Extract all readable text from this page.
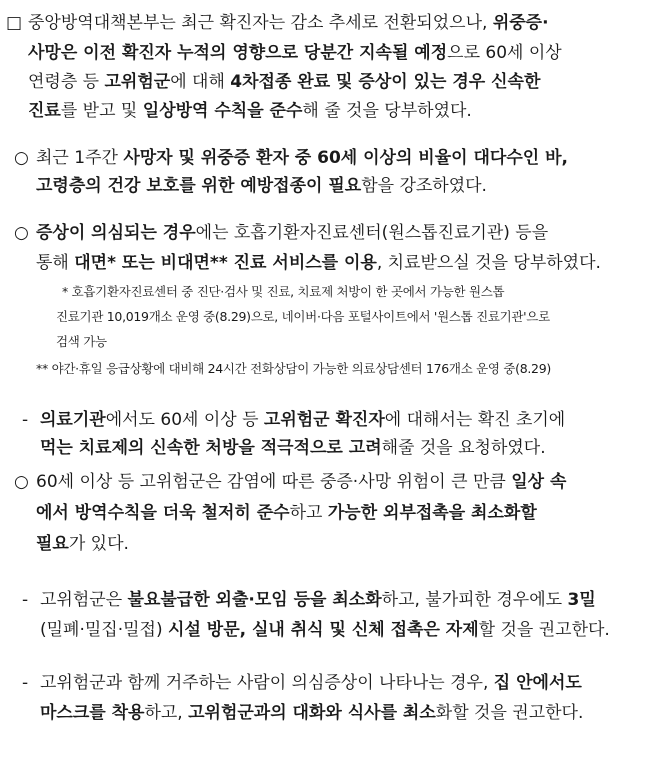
□ 중앙방역대책본부는 최근 확진자는 감소 추세로 전환되었으나, 위중증·
사망은 이전 확진자 누적의 영향으로 당분간 지속될 예정으로 60세 이상
연령층 등 고위험군에 대해 4차접종 완료 및 증상이 있는 경우 신속한
진료를 받고 및 일상방역 수칙을 준수해 줄 것을 당부하였다.
○ 최근 1주간 사망자 및 위중증 환자 중 60세 이상의 비율이 대다수인 바,
고령층의 건강 보호를 위한 예방접종이 필요함을 강조하였다.
○ 증상이 의심되는 경우에는 호흡기환자진료센터(원스톱진료기관) 등을
통해 대면* 또는 비대면** 진료 서비스를 이용, 치료받으실 것을 당부하였다.
* 호흡기환자진료센터 중 진단·검사 및 진료, 치료제 처방이 한 곳에서 가능한 원스톱
진료기관 10,019개소 운영 중(8.29)으로, 네이버·다음 포털사이트에서 '원스톱 진료기관'으로
검색 가능
** 야간·휴일 응급상황에 대비해 24시간 전화상담이 가능한 의료상담센터 176개소 운영 중(8.29)
- 의료기관에서도 60세 이상 등 고위험군 확진자에 대해서는 확진 초기에
먹는 치료제의 신속한 처방을 적극적으로 고려해줄 것을 요청하였다.
○ 60세 이상 등 고위험군은 감염에 따른 중증·사망 위험이 큰 만큼 일상 속
에서 방역수칙을 더욱 철저히 준수하고 가능한 외부접촉을 최소화할
필요가 있다.
- 고위험군은 불요불급한 외출·모임 등을 최소화하고, 불가피한 경우에도 3밀
(밀폐·밀집·밀접) 시설 방문, 실내 취식 및 신체 접촉은 자제할 것을 권고한다.
- 고위험군과 함께 거주하는 사람이 의심증상이 나타나는 경우, 집 안에서도
마스크를 착용하고, 고위험군과의 대화와 식사를 최소화할 것을 권고한다.
